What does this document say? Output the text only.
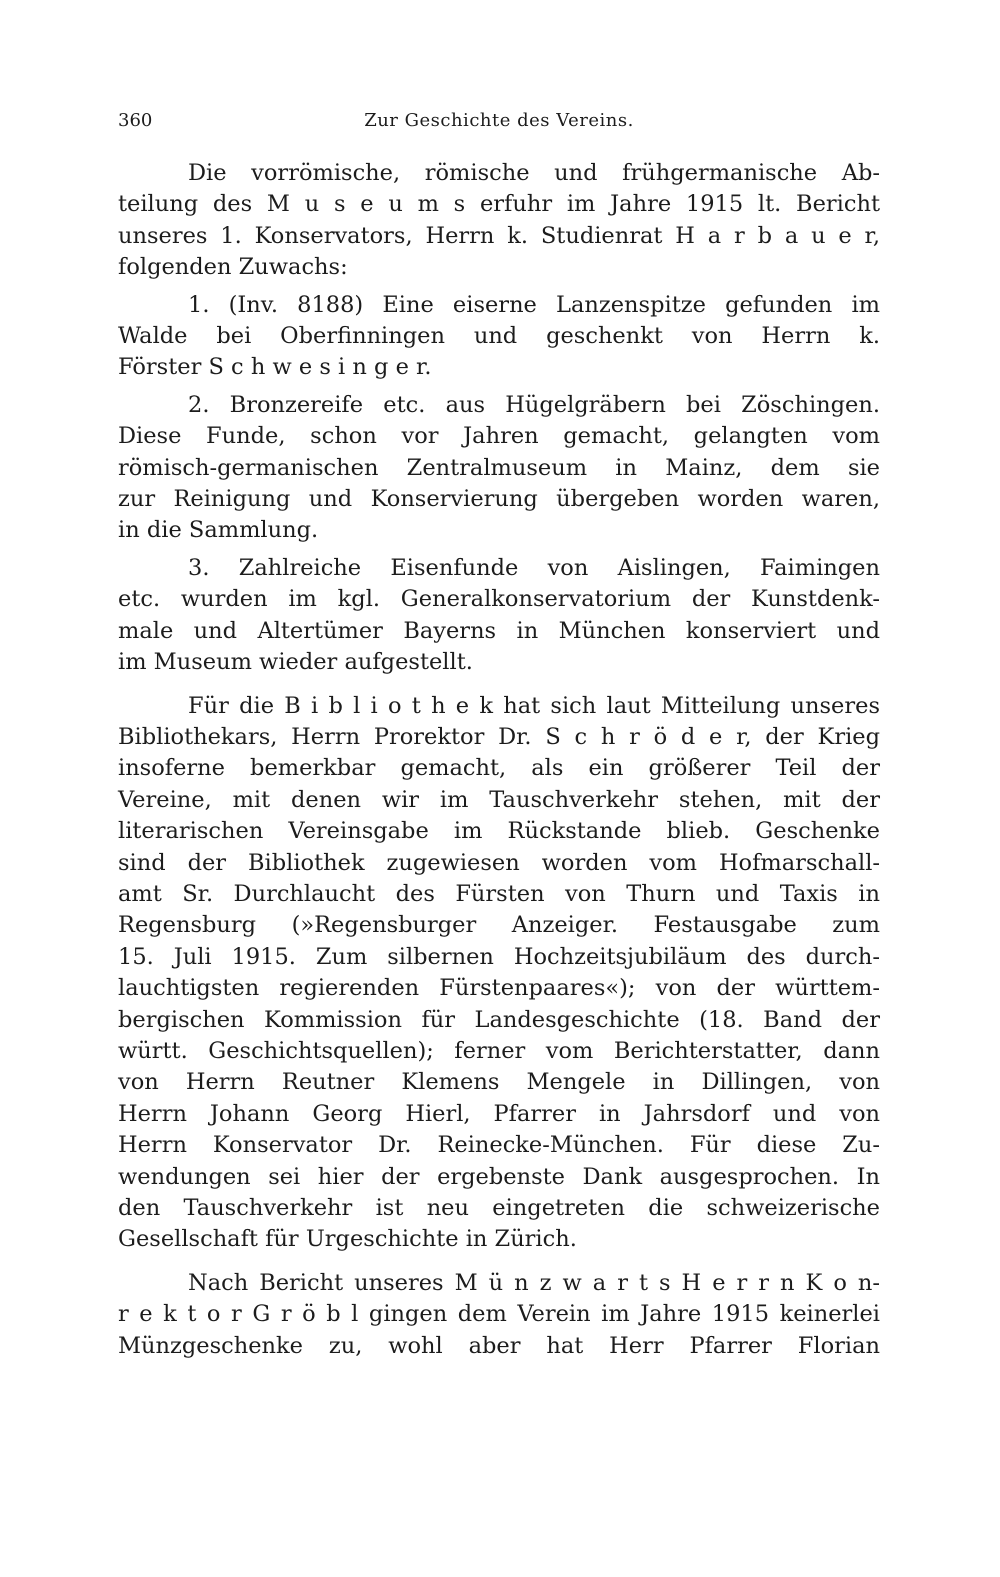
360	Zur Geschichte des Vereins.

Die vorrömische, römische und frühgermanische Ab-
teilung des M u s e u m s erfuhr im Jahre 1915 lt. Bericht
unseres 1. Konservators, Herrn k. Studienrat H a r b a u e r,
folgenden Zuwachs:

1. (Inv. 8188) Eine eiserne Lanzenspitze gefunden im
Walde bei Oberfinningen und geschenkt von Herrn k.
Förster S c h w e s i n g e r.

2. Bronzereife etc. aus Hügelgräbern bei Zöschingen.
Diese Funde, schon vor Jahren gemacht, gelangten vom
römisch-germanischen Zentralmuseum in Mainz, dem sie
zur Reinigung und Konservierung übergeben worden waren,
in die Sammlung.

3. Zahlreiche Eisenfunde von Aislingen, Faimingen
etc. wurden im kgl. Generalkonservatorium der Kunstdenk-
male und Altertümer Bayerns in München konserviert und
im Museum wieder aufgestellt.

Für die B i b l i o t h e k hat sich laut Mitteilung unseres
Bibliothekars, Herrn Prorektor Dr. S c h r ö d e r, der Krieg
insoferne bemerkbar gemacht, als ein größerer Teil der
Vereine, mit denen wir im Tauschverkehr stehen, mit der
literarischen Vereinsgabe im Rückstande blieb. Geschenke
sind der Bibliothek zugewiesen worden vom Hofmarschall-
amt Sr. Durchlaucht des Fürsten von Thurn und Taxis in
Regensburg (»Regensburger Anzeiger. Festausgabe zum
15. Juli 1915. Zum silbernen Hochzeitsjubiläum des durch-
lauchtigsten regierenden Fürstenpaares«); von der württem-
bergischen Kommission für Landesgeschichte (18. Band der
württ. Geschichtsquellen); ferner vom Berichterstatter, dann
von Herrn Reutner Klemens Mengele in Dillingen, von
Herrn Johann Georg Hierl, Pfarrer in Jahrsdorf und von
Herrn Konservator Dr. Reinecke-München. Für diese Zu-
wendungen sei hier der ergebenste Dank ausgesprochen. In
den Tauschverkehr ist neu eingetreten die schweizerische
Gesellschaft für Urgeschichte in Zürich.

Nach Bericht unseres M ü n z w a r t s H e r r n K o n-
r e k t o r G r ö b l gingen dem Verein im Jahre 1915 keinerlei
Münzgeschenke zu, wohl aber hat Herr Pfarrer Florian
